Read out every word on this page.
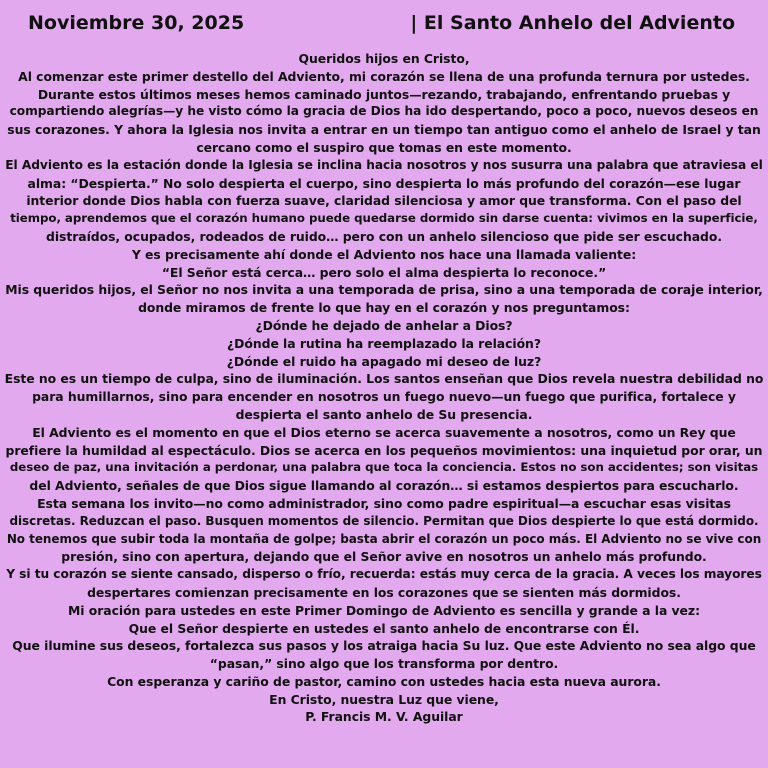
Noviembre 30, 2025	| El Santo Anhelo del Adviento

Queridos hijos en Cristo,

Al comenzar este primer destello del Adviento, mi corazón se llena de una profunda ternura por ustedes.

Durante estos últimos meses hemos caminado juntos—rezando, trabajando, enfrentando pruebas y

compartiendo alegrías—y he visto cómo la gracia de Dios ha ido despertando, poco a poco, nuevos deseos en

sus corazones. Y ahora la Iglesia nos invita a entrar en un tiempo tan antiguo como el anhelo de Israel y tan

cercano como el suspiro que tomas en este momento.

El Adviento es la estación donde la Iglesia se inclina hacia nosotros y nos susurra una palabra que atraviesa el

alma: “Despierta.” No solo despierta el cuerpo, sino despierta lo más profundo del corazón—ese lugar

interior donde Dios habla con fuerza suave, claridad silenciosa y amor que transforma. Con el paso del

tiempo, aprendemos que el corazón humano puede quedarse dormido sin darse cuenta: vivimos en la superficie,

distraídos, ocupados, rodeados de ruido… pero con un anhelo silencioso que pide ser escuchado.

Y es precisamente ahí donde el Adviento nos hace una llamada valiente:

“El Señor está cerca… pero solo el alma despierta lo reconoce.”

Mis queridos hijos, el Señor no nos invita a una temporada de prisa, sino a una temporada de coraje interior,

donde miramos de frente lo que hay en el corazón y nos preguntamos:

¿Dónde he dejado de anhelar a Dios?

¿Dónde la rutina ha reemplazado la relación?

¿Dónde el ruido ha apagado mi deseo de luz?

Este no es un tiempo de culpa, sino de iluminación. Los santos enseñan que Dios revela nuestra debilidad no

para humillarnos, sino para encender en nosotros un fuego nuevo—un fuego que purifica, fortalece y

despierta el santo anhelo de Su presencia.

El Adviento es el momento en que el Dios eterno se acerca suavemente a nosotros, como un Rey que

prefiere la humildad al espectáculo. Dios se acerca en los pequeños movimientos: una inquietud por orar, un

deseo de paz, una invitación a perdonar, una palabra que toca la conciencia. Estos no son accidentes; son visitas

del Adviento, señales de que Dios sigue llamando al corazón… si estamos despiertos para escucharlo.

Esta semana los invito—no como administrador, sino como padre espiritual—a escuchar esas visitas

discretas. Reduzcan el paso. Busquen momentos de silencio. Permitan que Dios despierte lo que está dormido.

No tenemos que subir toda la montaña de golpe; basta abrir el corazón un poco más. El Adviento no se vive con

presión, sino con apertura, dejando que el Señor avive en nosotros un anhelo más profundo.

Y si tu corazón se siente cansado, disperso o frío, recuerda: estás muy cerca de la gracia. A veces los mayores

despertares comienzan precisamente en los corazones que se sienten más dormidos.

Mi oración para ustedes en este Primer Domingo de Adviento es sencilla y grande a la vez:

Que el Señor despierte en ustedes el santo anhelo de encontrarse con Él.

Que ilumine sus deseos, fortalezca sus pasos y los atraiga hacia Su luz. Que este Adviento no sea algo que

“pasan,” sino algo que los transforma por dentro.

Con esperanza y cariño de pastor, camino con ustedes hacia esta nueva aurora.

En Cristo, nuestra Luz que viene,

P. Francis M. V. Aguilar
